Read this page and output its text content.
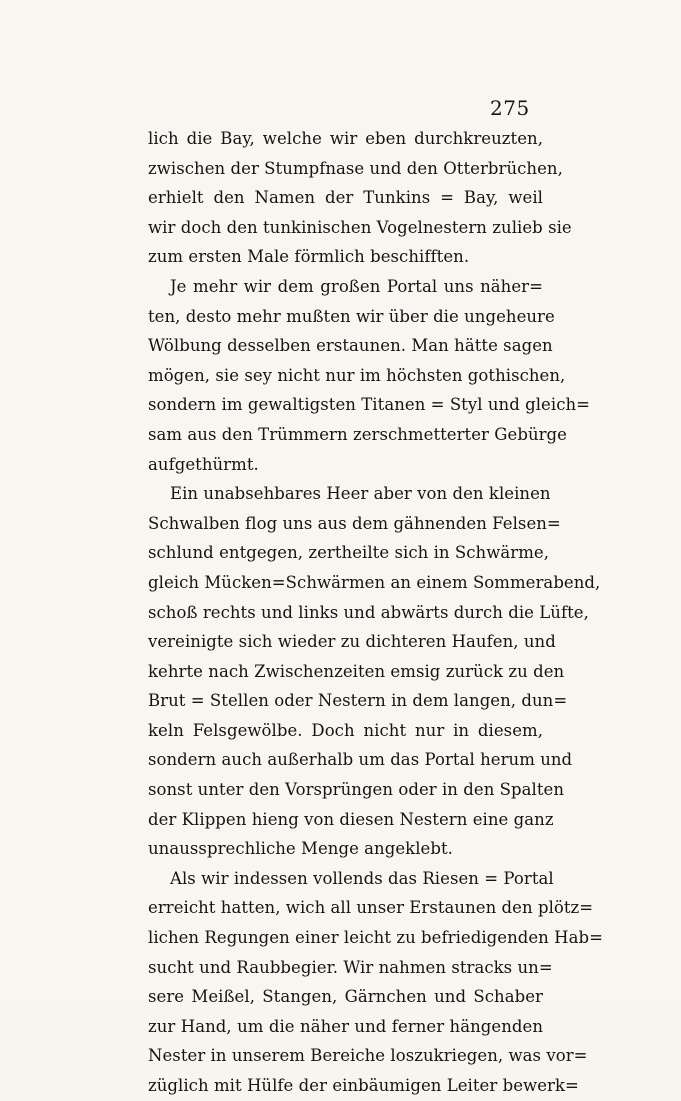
275
lich die Bay, welche wir eben durchkreuzten,
zwischen der Stumpfnase und den Otterbrüchen,
erhielt den Namen der Tunkins = Bay, weil
wir doch den tunkinischen Vogelnestern zulieb sie
zum ersten Male förmlich beschifften.
Je mehr wir dem großen Portal uns näher=
ten, desto mehr mußten wir über die ungeheure
Wölbung desselben erstaunen. Man hätte sagen
mögen, sie sey nicht nur im höchsten gothischen,
sondern im gewaltigsten Titanen = Styl und gleich=
sam aus den Trümmern zerschmetterter Gebürge
aufgethürmt.
Ein unabsehbares Heer aber von den kleinen
Schwalben flog uns aus dem gähnenden Felsen=
schlund entgegen, zertheilte sich in Schwärme,
gleich Mücken=Schwärmen an einem Sommerabend,
schoß rechts und links und abwärts durch die Lüfte,
vereinigte sich wieder zu dichteren Haufen, und
kehrte nach Zwischenzeiten emsig zurück zu den
Brut = Stellen oder Nestern in dem langen, dun=
keln Felsgewölbe. Doch nicht nur in diesem,
sondern auch außerhalb um das Portal herum und
sonst unter den Vorsprüngen oder in den Spalten
der Klippen hieng von diesen Nestern eine ganz
unaussprechliche Menge angeklebt.
Als wir indessen vollends das Riesen = Portal
erreicht hatten, wich all unser Erstaunen den plötz=
lichen Regungen einer leicht zu befriedigenden Hab=
sucht und Raubbegier. Wir nahmen stracks un=
sere Meißel, Stangen, Gärnchen und Schaber
zur Hand, um die näher und ferner hängenden
Nester in unserem Bereiche loszukriegen, was vor=
züglich mit Hülfe der einbäumigen Leiter bewerk=
